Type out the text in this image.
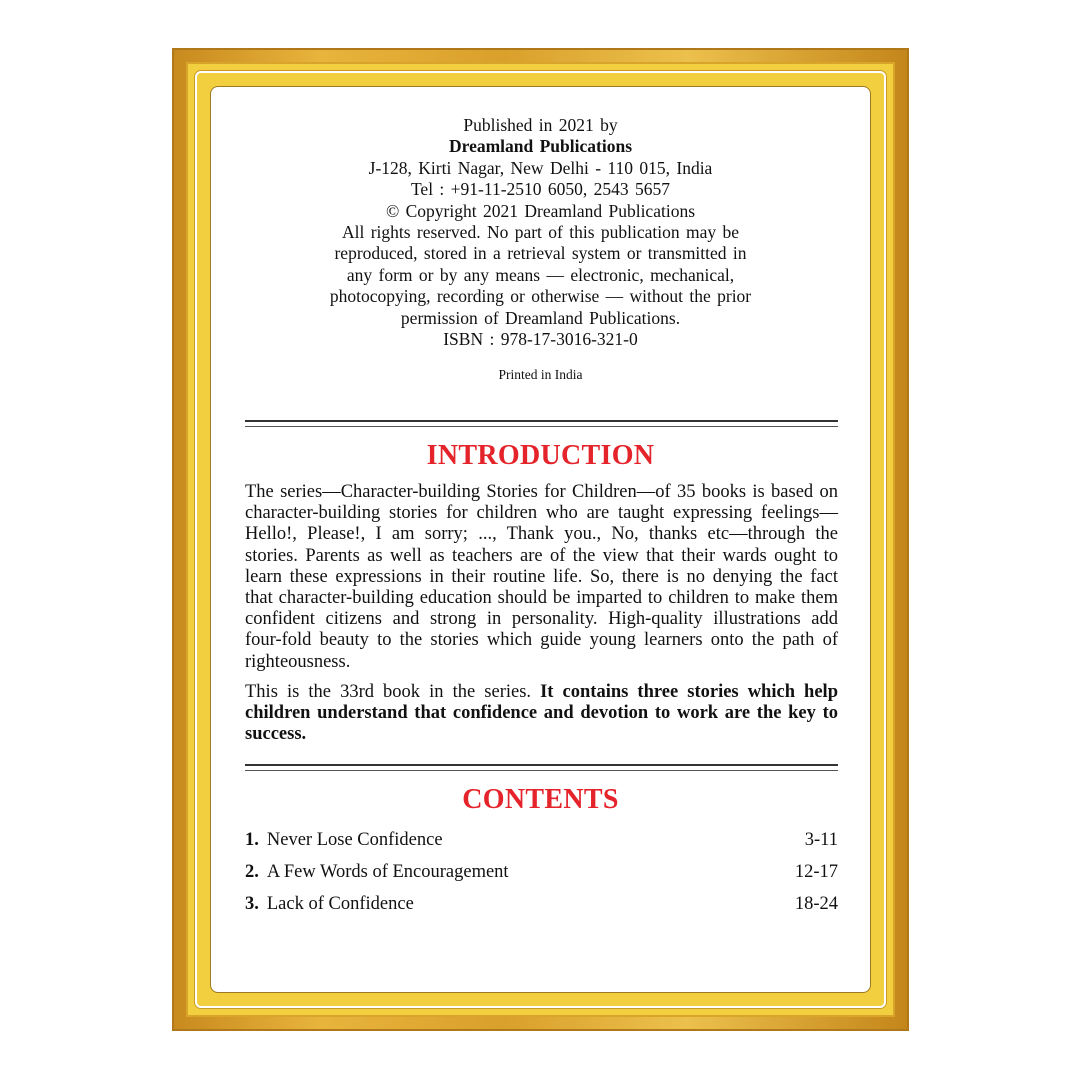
Published in 2021 by
Dreamland Publications
J-128, Kirti Nagar, New Delhi - 110 015, India
Tel : +91-11-2510 6050, 2543 5657
© Copyright 2021 Dreamland Publications
All rights reserved. No part of this publication may be
reproduced, stored in a retrieval system or transmitted in
any form or by any means — electronic, mechanical,
photocopying, recording or otherwise — without the prior
permission of Dreamland Publications.
ISBN : 978-17-3016-321-0
Printed in India
INTRODUCTION

The series—Character-building Stories for Children—of 35 books is based on character-building stories for children who are taught expressing feelings—Hello!, Please!, I am sorry; ..., Thank you., No, thanks etc—through the stories. Parents as well as teachers are of the view that their wards ought to learn these expressions in their routine life. So, there is no denying the fact that character-building education should be imparted to children to make them confident citizens and strong in personality. High-quality illustrations add four-fold beauty to the stories which guide young learners onto the path of righteousness.

This is the 33rd book in the series. It contains three stories which help children understand that confidence and devotion to work are the key to success.

CONTENTS
1. Never Lose Confidence	3-11
2. A Few Words of Encouragement	12-17
3. Lack of Confidence	18-24
